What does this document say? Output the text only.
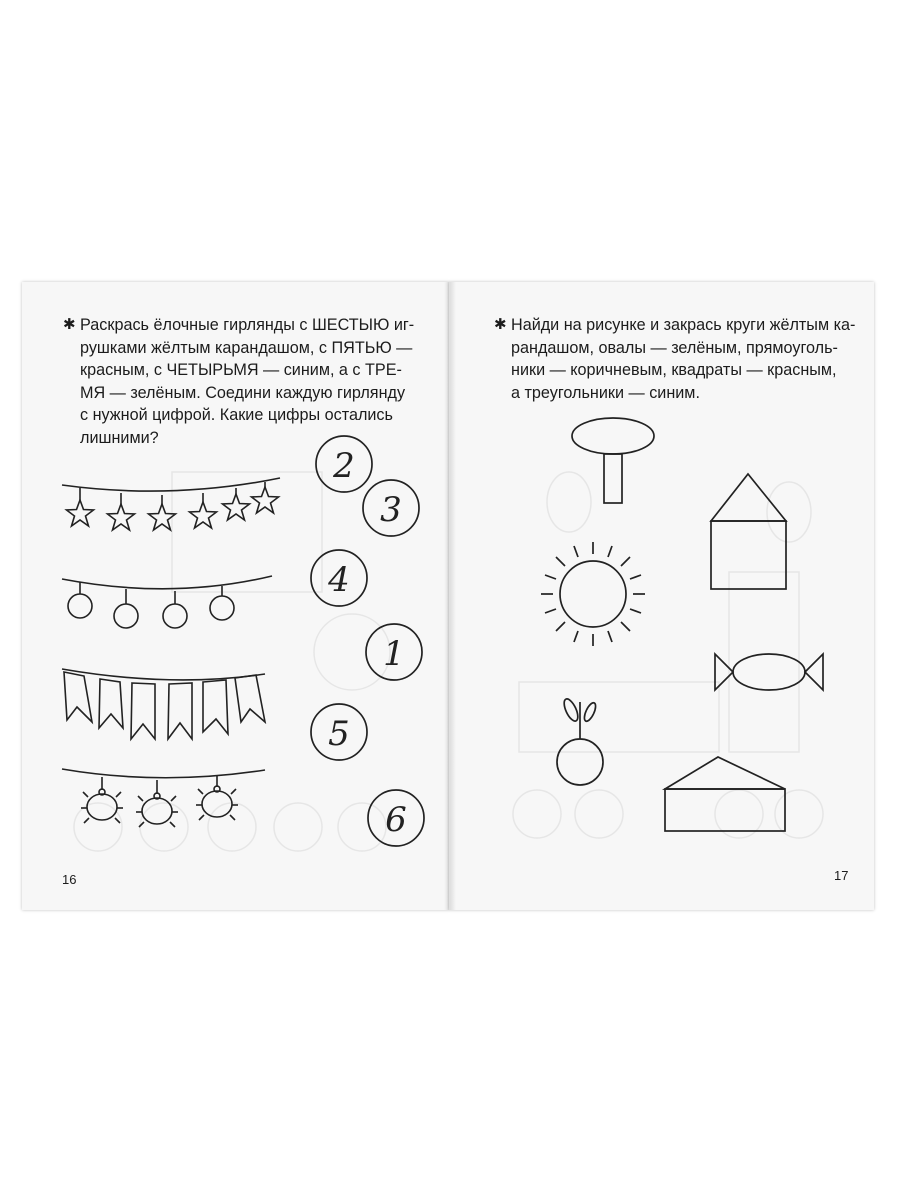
✱ Раскрась ёлочные гирлянды с ШЕСТЫЮ иг-
рушками жёлтым карандашом, с ПЯТЬЮ —
красным, с ЧЕТЫРЬМЯ — синим, а с ТРЕ-
МЯ — зелёным. Соедини каждую гирлянду
с нужной цифрой. Какие цифры остались
лишними?
2
3
4
1
5
6
16
✱ Найди на рисунке и закрась круги жёлтым ка-
рандашом, овалы — зелёным, прямоуголь-
ники — коричневым, квадраты — красным,
а треугольники — синим.
17
